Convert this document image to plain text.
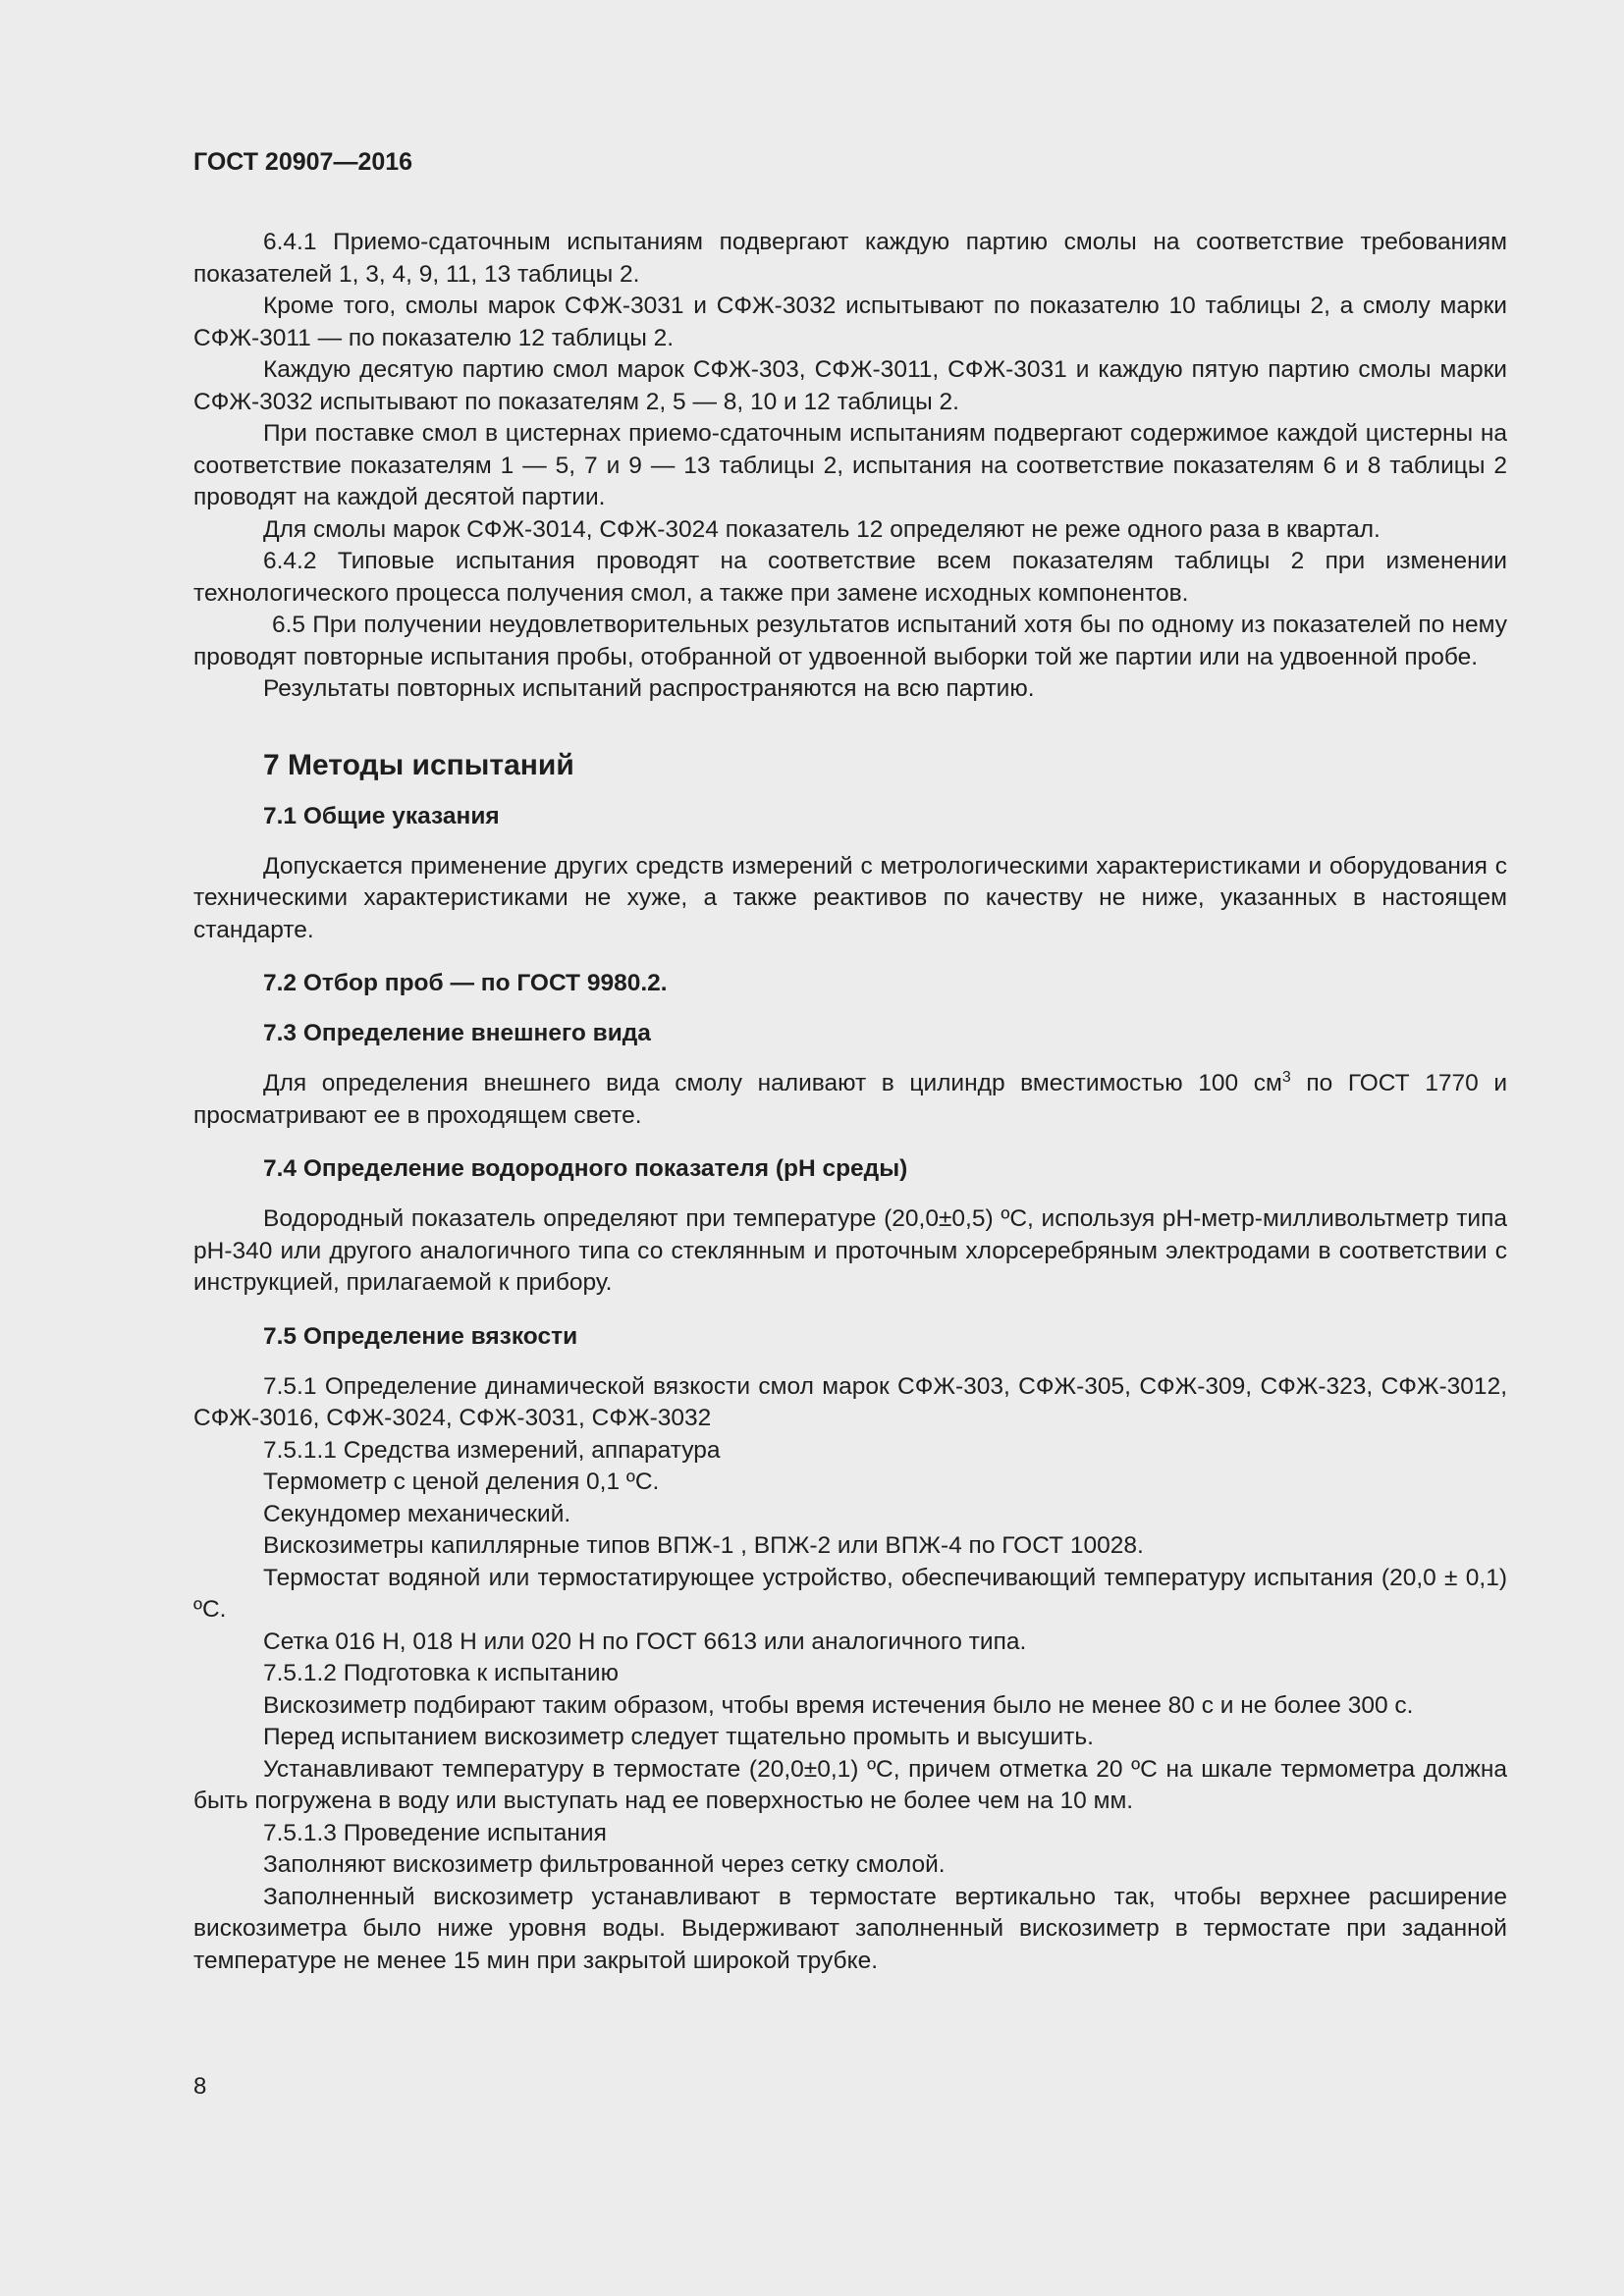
ГОСТ 20907—2016

6.4.1 Приемо-сдаточным испытаниям подвергают каждую партию смолы на соответствие требованиям показателей 1, 3, 4, 9, 11, 13 таблицы 2.

Кроме того, смолы марок СФЖ-3031 и СФЖ-3032 испытывают по показателю 10 таблицы 2, а смолу марки СФЖ-3011 — по показателю 12 таблицы 2.

Каждую десятую партию смол марок СФЖ-303, СФЖ-3011, СФЖ-3031 и каждую пятую партию смолы марки СФЖ-3032 испытывают по показателям 2, 5 — 8, 10 и 12 таблицы 2.

При поставке смол в цистернах приемо-сдаточным испытаниям подвергают содержимое каждой цистерны на соответствие показателям 1 — 5, 7 и 9 — 13 таблицы 2, испытания на соответствие показателям 6 и 8 таблицы 2 проводят на каждой десятой партии.

Для смолы марок СФЖ-3014, СФЖ-3024 показатель 12 определяют не реже одного раза в квартал.

6.4.2 Типовые испытания проводят на соответствие всем показателям таблицы 2 при изменении технологического процесса получения смол, а также при замене исходных компонентов.

6.5 При получении неудовлетворительных результатов испытаний хотя бы по одному из показателей по нему проводят повторные испытания пробы, отобранной от удвоенной выборки той же партии или на удвоенной пробе.

Результаты повторных испытаний распространяются на всю партию.

7 Методы испытаний
7.1 Общие указания

Допускается применение других средств измерений с метрологическими характеристиками и оборудования с техническими характеристиками не хуже, а также реактивов по качеству не ниже, указанных в настоящем стандарте.

7.2 Отбор проб — по ГОСТ 9980.2.
7.3 Определение внешнего вида

Для определения внешнего вида смолу наливают в цилиндр вместимостью 100 $см^3$ по ГОСТ 1770 и просматривают ее в проходящем свете.

7.4 Определение водородного показателя (pH среды)

Водородный показатель определяют при температуре (20,0±0,5) ºС, используя pH-метр-милливольтметр типа pH-340 или другого аналогичного типа со стеклянным и проточным хлорсеребряным электродами в соответствии с инструкцией, прилагаемой к прибору.

7.5 Определение вязкости

7.5.1 Определение динамической вязкости смол марок СФЖ-303, СФЖ-305, СФЖ-309, СФЖ-323, СФЖ-3012, СФЖ-3016, СФЖ-3024, СФЖ-3031, СФЖ-3032

7.5.1.1 Средства измерений, аппаратура

Термометр с ценой деления 0,1 ºС.

Секундомер механический.

Вискозиметры капиллярные типов ВПЖ-1 , ВПЖ-2 или ВПЖ-4 по ГОСТ 10028.

Термостат водяной или термостатирующее устройство, обеспечивающий температуру испытания (20,0 ± 0,1) ºС.

Сетка 016 Н, 018 Н или 020 Н по ГОСТ 6613 или аналогичного типа.

7.5.1.2 Подготовка к испытанию

Вискозиметр подбирают таким образом, чтобы время истечения было не менее 80 с и не более 300 с.

Перед испытанием вискозиметр следует тщательно промыть и высушить.

Устанавливают температуру в термостате (20,0±0,1) ºС, причем отметка 20 ºС на шкале термометра должна быть погружена в воду или выступать над ее поверхностью не более чем на 10 мм.

7.5.1.3 Проведение испытания

Заполняют вискозиметр фильтрованной через сетку смолой.

Заполненный вискозиметр устанавливают в термостате вертикально так, чтобы верхнее расширение вискозиметра было ниже уровня воды. Выдерживают заполненный вискозиметр в термостате при заданной температуре не менее 15 мин при закрытой широкой трубке.

8
